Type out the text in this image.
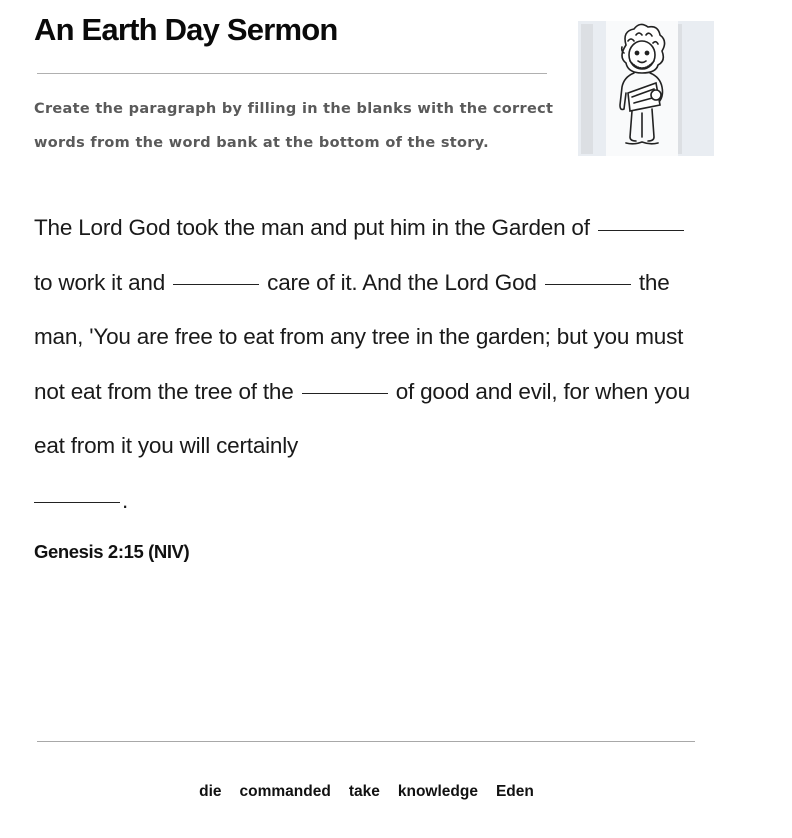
An Earth Day Sermon
Create the paragraph by filling in the blanks with the correct words from the word bank at the bottom of the story.
The Lord God took the man and put him in the Garden of  to work it and	care of it. And the Lord God	the man, 'You are free to eat from any tree in the garden; but you must not eat from the tree of the	of good and evil, for when you eat from it you will certainly
.
Genesis 2:15 (NIV)
die commanded take knowledge Eden
